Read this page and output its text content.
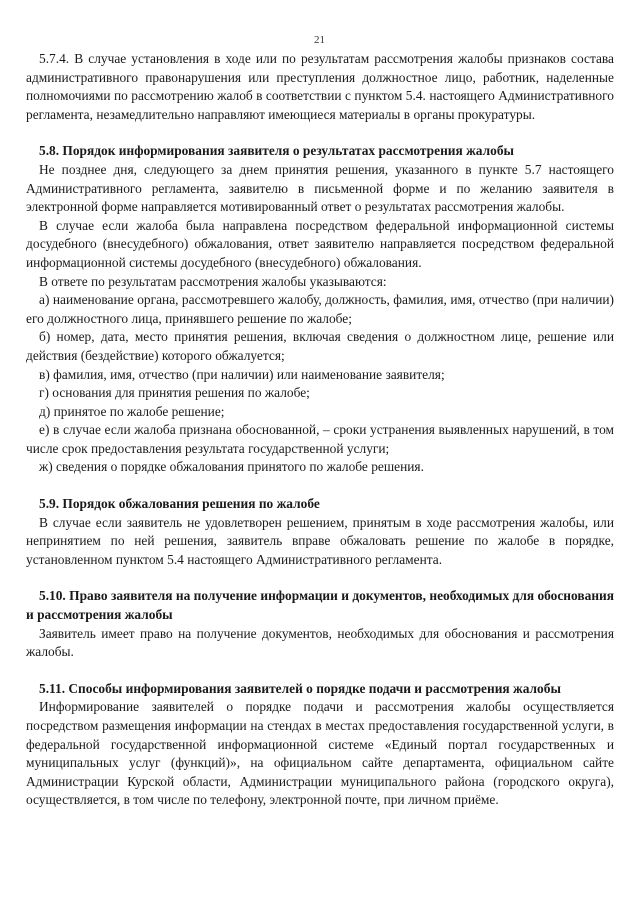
21

5.7.4. В случае установления в ходе или по результатам рассмотрения жалобы признаков состава административного правонарушения или преступления должностное лицо, работник, наделенные полномочиями по рассмотрению жалоб в соответствии с пунктом 5.4. настоящего Административного регламента, незамедлительно направляют имеющиеся материалы в органы прокуратуры.

5.8. Порядок информирования заявителя о результатах рассмотрения жалобы

Не позднее дня, следующего за днем принятия решения, указанного в пункте 5.7 настоящего Административного регламента, заявителю в письменной форме и по желанию заявителя в электронной форме направляется мотивированный ответ о результатах рассмотрения жалобы.

В случае если жалоба была направлена посредством федеральной информационной системы досудебного (внесудебного) обжалования, ответ заявителю направляется посредством федеральной информационной системы досудебного (внесудебного) обжалования.

В ответе по результатам рассмотрения жалобы указываются:

а) наименование органа, рассмотревшего жалобу, должность, фамилия, имя, отчество (при наличии) его должностного лица, принявшего решение по жалобе;

б) номер, дата, место принятия решения, включая сведения о должностном лице, решение или действия (бездействие) которого обжалуется;

в) фамилия, имя, отчество (при наличии) или наименование заявителя;

г) основания для принятия решения по жалобе;

д) принятое по жалобе решение;

е) в случае если жалоба признана обоснованной, – сроки устранения выявленных нарушений, в том числе срок предоставления результата государственной услуги;

ж) сведения о порядке обжалования принятого по жалобе решения.

5.9. Порядок обжалования решения по жалобе

В случае если заявитель не удовлетворен решением, принятым в ходе рассмотрения жалобы, или непринятием по ней решения, заявитель вправе обжаловать решение по жалобе в порядке, установленном пунктом 5.4 настоящего Административного регламента.

5.10. Право заявителя на получение информации и документов, необходимых для обоснования и рассмотрения жалобы

Заявитель имеет право на получение документов, необходимых для обоснования и рассмотрения жалобы.

5.11. Способы информирования заявителей о порядке подачи и рассмотрения жалобы

Информирование заявителей о порядке подачи и рассмотрения жалобы осуществляется посредством размещения информации на стендах в местах предоставления государственной услуги, в федеральной государственной информационной системе «Единый портал государственных и муниципальных услуг (функций)», на официальном сайте департамента, официальном сайте Администрации Курской области, Администрации муниципального района (городского округа), осуществляется, в том числе по телефону, электронной почте, при личном приёме.
